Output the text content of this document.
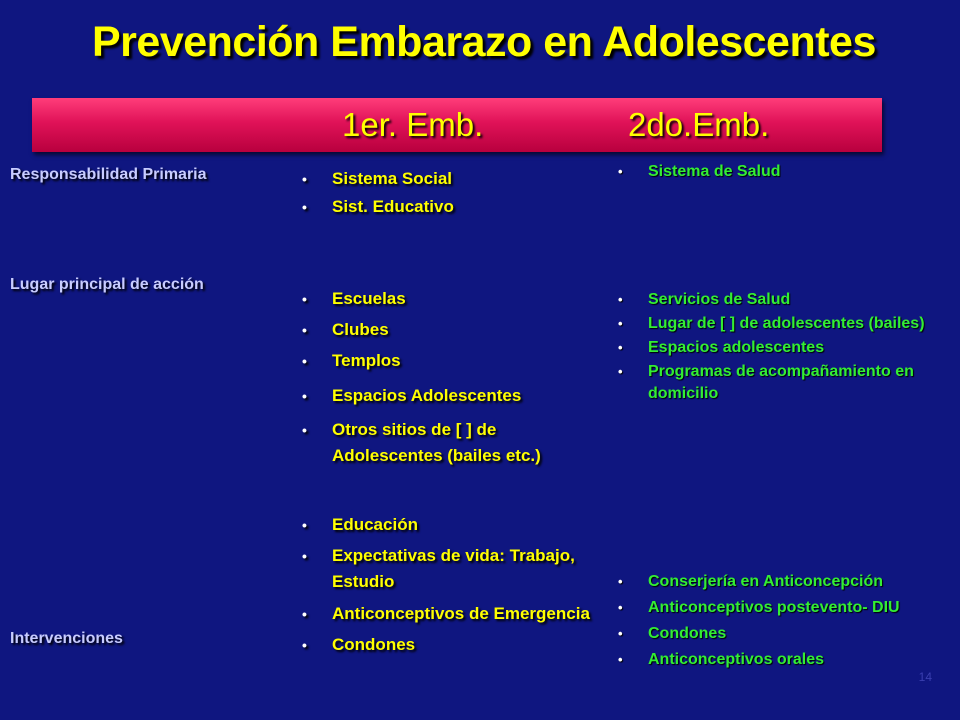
Prevención Embarazo en Adolescentes
1er. Emb.	2do.Emb.
Responsabilidad Primaria	• Sistema Social
• Sist. Educativo
• Sistema de Salud
Lugar principal de acción
• Escuelas
• Clubes
• Templos
• Espacios Adolescentes
• Otros sitios de [ ] de Adolescentes (bailes etc.)
• Servicios de Salud
• Lugar de [ ] de adolescentes (bailes)
• Espacios adolescentes
• Programas de acompañamiento en domicilio
Intervenciones
• Educación
• Expectativas de vida: Trabajo, Estudio
• Anticonceptivos de Emergencia
• Condones
• Conserjería en Anticoncepción
• Anticonceptivos postevento- DIU
• Condones
• Anticonceptivos orales
14
